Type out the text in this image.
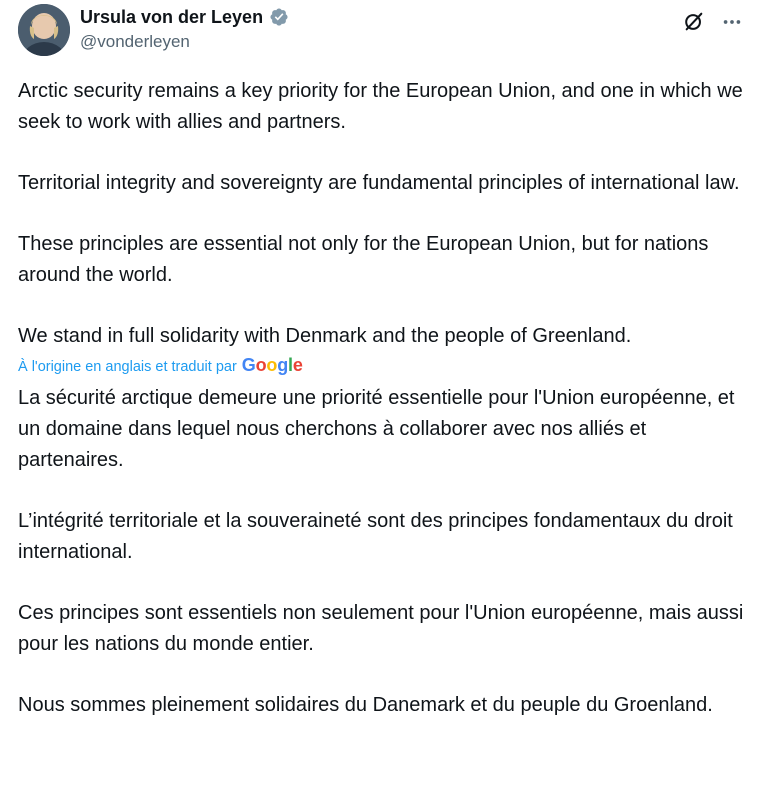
Ursula von der Leyen
@vonderleyen

Arctic security remains a key priority for the European Union, and one in which we seek to work with allies and partners.

Territorial integrity and sovereignty are fundamental principles of international law.

These principles are essential not only for the European Union, but for nations around the world.

We stand in full solidarity with Denmark and the people of Greenland.

À l'origine en anglais et traduit par Google

La sécurité arctique demeure une priorité essentielle pour l'Union européenne, et un domaine dans lequel nous cherchons à collaborer avec nos alliés et partenaires.

L’intégrité territoriale et la souveraineté sont des principes fondamentaux du droit international.

Ces principes sont essentiels non seulement pour l'Union européenne, mais aussi pour les nations du monde entier.

Nous sommes pleinement solidaires du Danemark et du peuple du Groenland.
